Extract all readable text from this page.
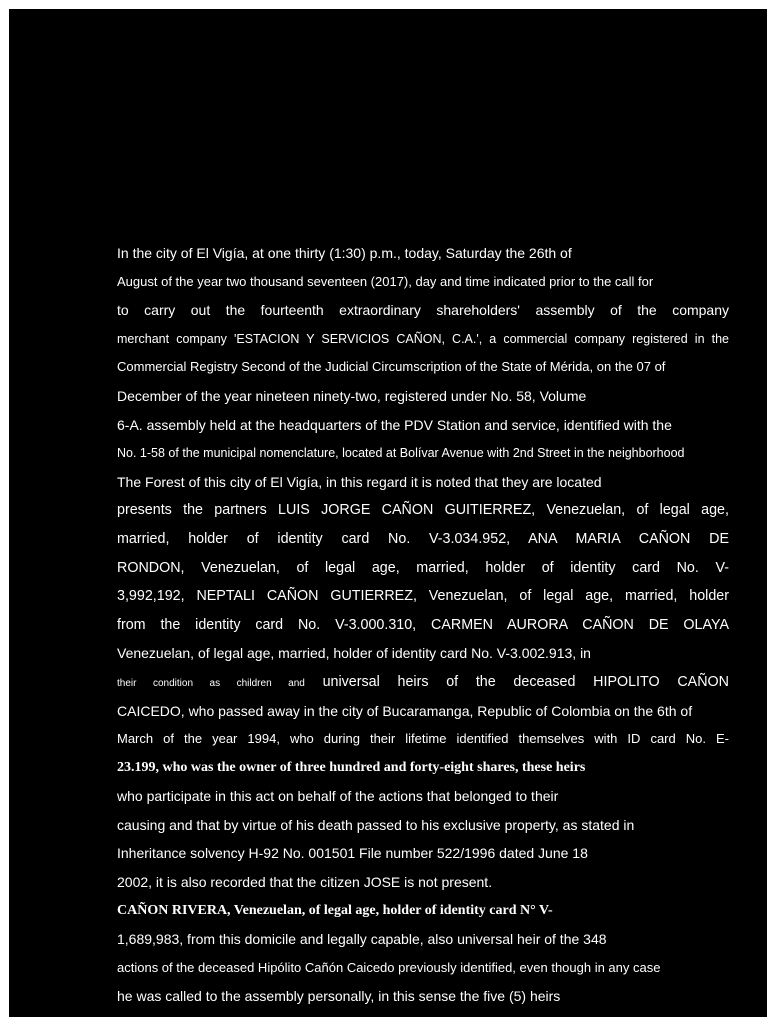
In the city of El Vigía, at one thirty (1:30) p.m., today, Saturday the 26th of
August of the year two thousand seventeen (2017), day and time indicated prior to the call for
to carry out the fourteenth extraordinary shareholders' assembly of the company
merchant company 'ESTACION Y SERVICIOS CAÑON, C.A.', a commercial company registered in the
Commercial Registry Second of the Judicial Circumscription of the State of Mérida, on the 07 of
December of the year nineteen ninety-two, registered under No. 58, Volume
6-A. assembly held at the headquarters of the PDV Station and service, identified with the
No. 1-58 of the municipal nomenclature, located at Bolívar Avenue with 2nd Street in the neighborhood
The Forest of this city of El Vigía, in this regard it is noted that they are located
presents the partners LUIS JORGE CAÑON GUITIERREZ, Venezuelan, of legal age,
married, holder of identity card No. V-3.034.952, ANA MARIA CAÑON DE
RONDON, Venezuelan, of legal age, married, holder of identity card No. V-
3,992,192, NEPTALI CAÑON GUTIERREZ, Venezuelan, of legal age, married, holder
from the identity card No. V-3.000.310, CARMEN AURORA CAÑON DE OLAYA
Venezuelan, of legal age, married, holder of identity card No. V-3.002.913, in
their condition as children and universal heirs of the deceased HIPOLITO CAÑON
CAICEDO, who passed away in the city of Bucaramanga, Republic of Colombia on the 6th of
March of the year 1994, who during their lifetime identified themselves with ID card No. E-
23.199, who was the owner of three hundred and forty-eight shares, these heirs
who participate in this act on behalf of the actions that belonged to their
causing and that by virtue of his death passed to his exclusive property, as stated in
Inheritance solvency H-92 No. 001501 File number 522/1996 dated June 18
2002, it is also recorded that the citizen JOSE is not present.
CAÑON RIVERA, Venezuelan, of legal age, holder of identity card N° V-
1,689,983, from this domicile and legally capable, also universal heir of the 348
actions of the deceased Hipólito Cañón Caicedo previously identified, even though in any case
he was called to the assembly personally, in this sense the five (5) heirs
